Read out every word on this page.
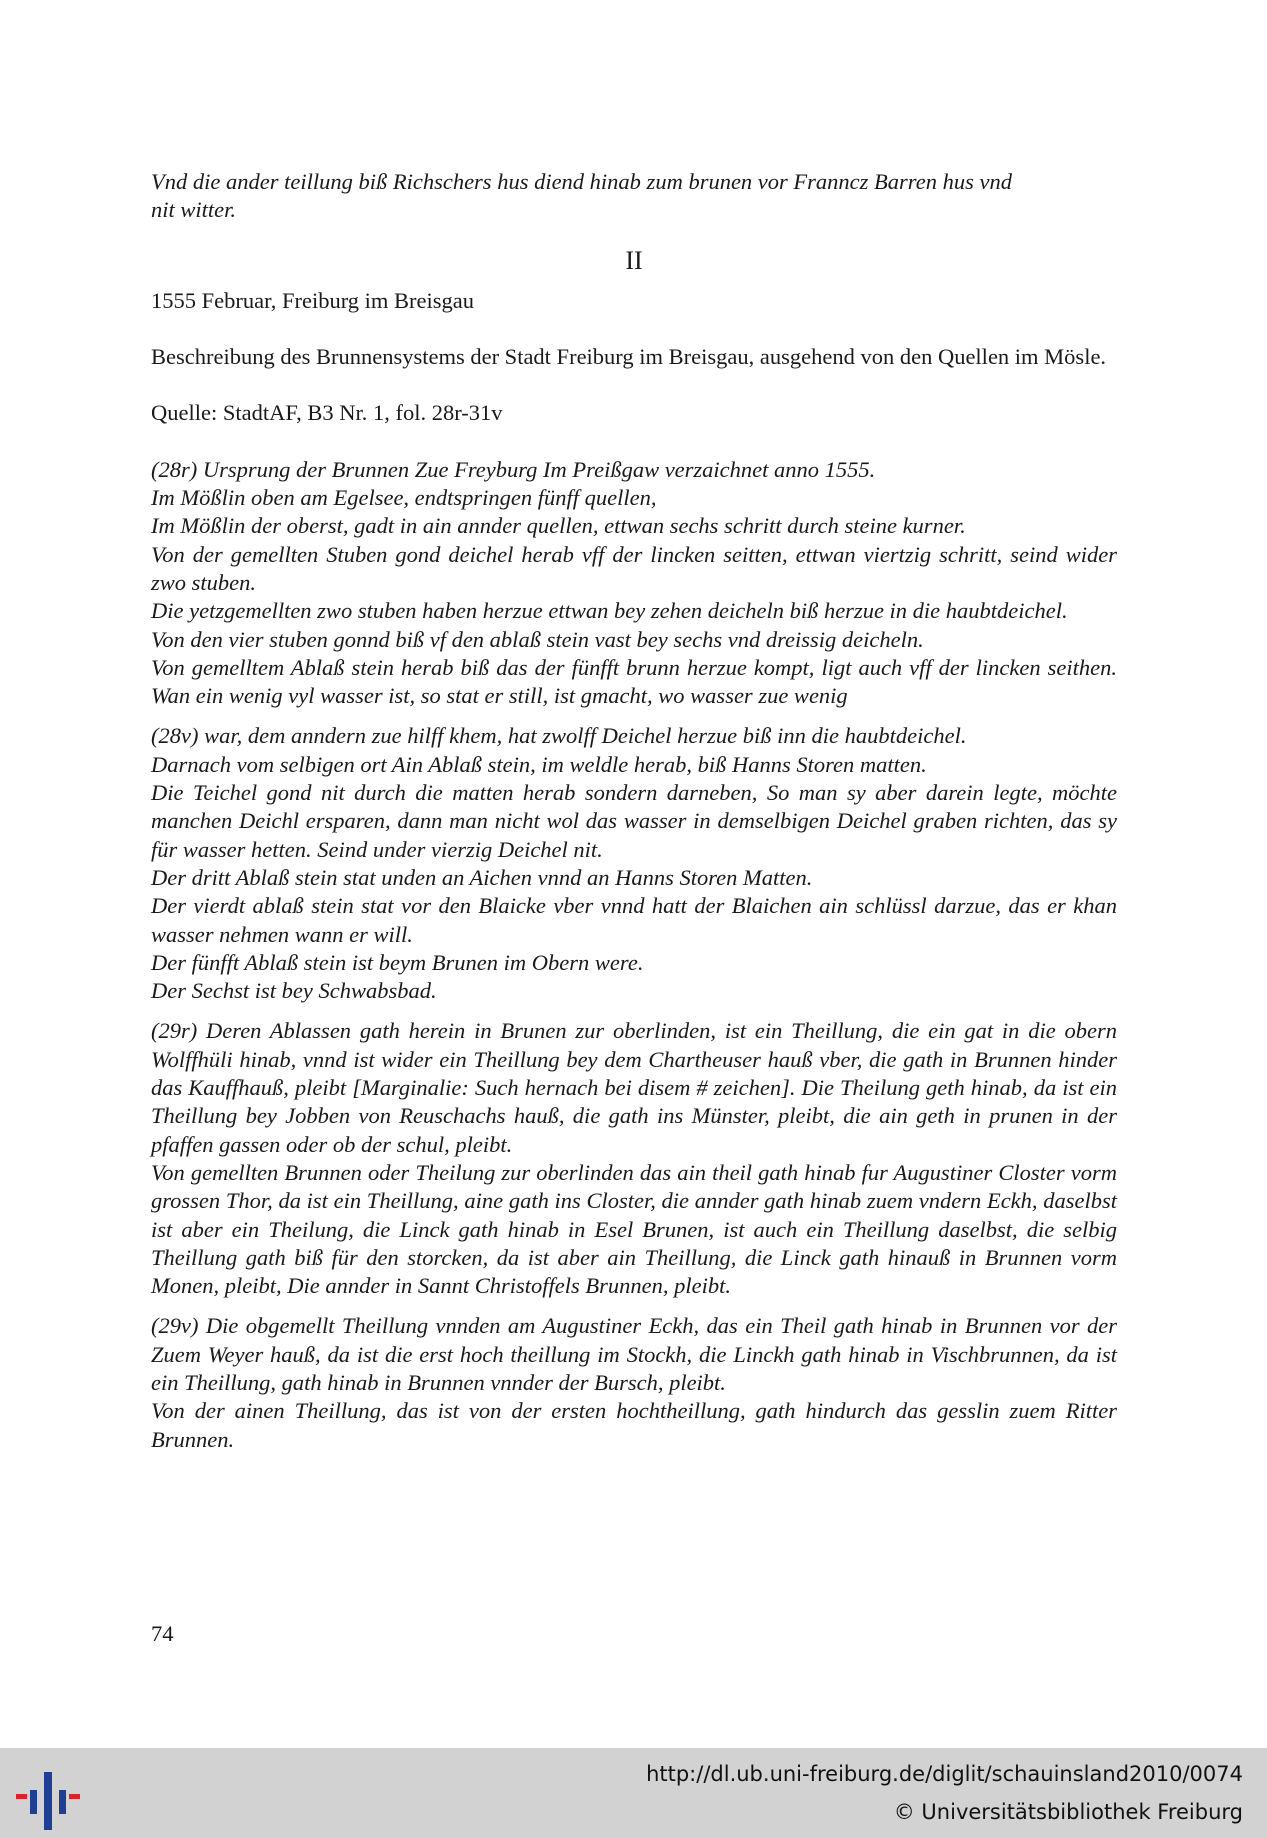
Vnd die ander teillung biß Richschers hus diend hinab zum brunen vor Franncz Barren hus vnd
nit witter.

II

1555 Februar, Freiburg im Breisgau

Beschreibung des Brunnensystems der Stadt Freiburg im Breisgau, ausgehend von den Quellen im Mösle.

Quelle: StadtAF, B3 Nr. 1, fol. 28r-31v

(28r) Ursprung der Brunnen Zue Freyburg Im Preißgaw verzaichnet anno 1555.

Im Mößlin oben am Egelsee, endtspringen fünff quellen,

Im Mößlin der oberst, gadt in ain annder quellen, ettwan sechs schritt durch steine kurner.

Von der gemellten Stuben gond deichel herab vff der lincken seitten, ettwan viertzig schritt, seind wider zwo stuben.

Die yetzgemellten zwo stuben haben herzue ettwan bey zehen deicheln biß herzue in die haubtdeichel.

Von den vier stuben gonnd biß vf den ablaß stein vast bey sechs vnd dreissig deicheln.

Von gemelltem Ablaß stein herab biß das der fünfft brunn herzue kompt, ligt auch vff der lincken seithen. Wan ein wenig vyl wasser ist, so stat er still, ist gmacht, wo wasser zue wenig

(28v) war, dem anndern zue hilff khem, hat zwolff Deichel herzue biß inn die haubtdeichel.

Darnach vom selbigen ort Ain Ablaß stein, im weldle herab, biß Hanns Storen matten.

Die Teichel gond nit durch die matten herab sondern darneben, So man sy aber darein legte, möchte manchen Deichl ersparen, dann man nicht wol das wasser in demselbigen Deichel graben richten, das sy für wasser hetten. Seind under vierzig Deichel nit.

Der dritt Ablaß stein stat unden an Aichen vnnd an Hanns Storen Matten.

Der vierdt ablaß stein stat vor den Blaicke vber vnnd hatt der Blaichen ain schlüssl darzue, das er khan wasser nehmen wann er will.

Der fünfft Ablaß stein ist beym Brunen im Obern were.

Der Sechst ist bey Schwabsbad.

(29r) Deren Ablassen gath herein in Brunen zur oberlinden, ist ein Theillung, die ein gat in die obern Wolffhüli hinab, vnnd ist wider ein Theillung bey dem Chartheuser hauß vber, die gath in Brunnen hinder das Kauffhauß, pleibt [Marginalie: Such hernach bei disem # zeichen]. Die Theilung geth hinab, da ist ein Theillung bey Jobben von Reuschachs hauß, die gath ins Münster, pleibt, die ain geth in prunen in der pfaffen gassen oder ob der schul, pleibt.

Von gemellten Brunnen oder Theilung zur oberlinden das ain theil gath hinab fur Augustiner Closter vorm grossen Thor, da ist ein Theillung, aine gath ins Closter, die annder gath hinab zuem vndern Eckh, daselbst ist aber ein Theilung, die Linck gath hinab in Esel Brunen, ist auch ein Theillung daselbst, die selbig Theillung gath biß für den storcken, da ist aber ain Theillung, die Linck gath hinauß in Brunnen vorm Monen, pleibt, Die annder in Sannt Christoffels Brunnen, pleibt.

(29v) Die obgemellt Theillung vnnden am Augustiner Eckh, das ein Theil gath hinab in Brunnen vor der Zuem Weyer hauß, da ist die erst hoch theillung im Stockh, die Linckh gath hinab in Vischbrunnen, da ist ein Theillung, gath hinab in Brunnen vnnder der Bursch, pleibt.

Von der ainen Theillung, das ist von der ersten hochtheillung, gath hindurch das gesslin zuem Ritter Brunnen.

74
http://dl.ub.uni-freiburg.de/diglit/schauinsland2010/0074
© Universitätsbibliothek Freiburg
